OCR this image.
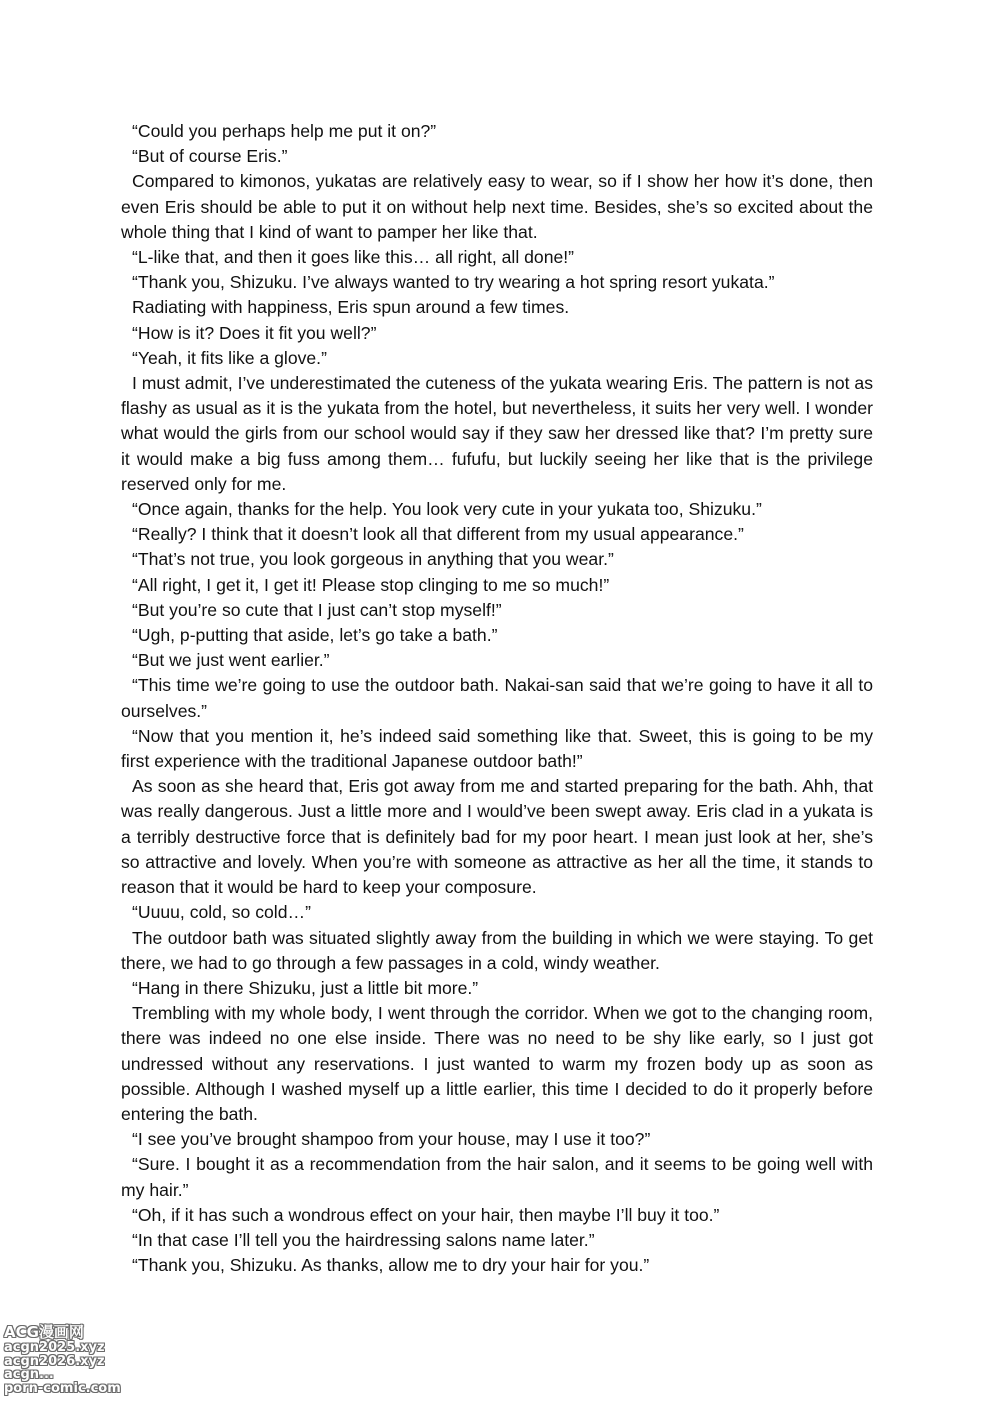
“Could you perhaps help me put it on?”

“But of course Eris.”

Compared to kimonos, yukatas are relatively easy to wear, so if I show her how it’s done, then even Eris should be able to put it on without help next time. Besides, she’s so excited about the whole thing that I kind of want to pamper her like that.

“L-like that, and then it goes like this… all right, all done!”

“Thank you, Shizuku. I’ve always wanted to try wearing a hot spring resort yukata.”

Radiating with happiness, Eris spun around a few times.

“How is it? Does it fit you well?”

“Yeah, it fits like a glove.”

I must admit, I’ve underestimated the cuteness of the yukata wearing Eris. The pattern is not as flashy as usual as it is the yukata from the hotel, but nevertheless, it suits her very well. I wonder what would the girls from our school would say if they saw her dressed like that? I’m pretty sure it would make a big fuss among them… fufufu, but luckily seeing her like that is the privilege reserved only for me.

“Once again, thanks for the help. You look very cute in your yukata too, Shizuku.”

“Really? I think that it doesn’t look all that different from my usual appearance.”

“That’s not true, you look gorgeous in anything that you wear.”

“All right, I get it, I get it! Please stop clinging to me so much!”

“But you’re so cute that I just can’t stop myself!”

“Ugh, p-putting that aside, let’s go take a bath.”

“But we just went earlier.”

“This time we’re going to use the outdoor bath. Nakai-san said that we’re going to have it all to ourselves.”

“Now that you mention it, he’s indeed said something like that. Sweet, this is going to be my first experience with the traditional Japanese outdoor bath!”

As soon as she heard that, Eris got away from me and started preparing for the bath. Ahh, that was really dangerous. Just a little more and I would’ve been swept away. Eris clad in a yukata is a terribly destructive force that is definitely bad for my poor heart. I mean just look at her, she’s so attractive and lovely. When you’re with someone as attractive as her all the time, it stands to reason that it would be hard to keep your composure.

“Uuuu, cold, so cold…”

The outdoor bath was situated slightly away from the building in which we were staying. To get there, we had to go through a few passages in a cold, windy weather.

“Hang in there Shizuku, just a little bit more.”

Trembling with my whole body, I went through the corridor. When we got to the changing room, there was indeed no one else inside. There was no need to be shy like early, so I just got undressed without any reservations. I just wanted to warm my frozen body up as soon as possible. Although I washed myself up a little earlier, this time I decided to do it properly before entering the bath.

“I see you’ve brought shampoo from your house, may I use it too?”

“Sure. I bought it as a recommendation from the hair salon, and it seems to be going well with my hair.”

“Oh, if it has such a wondrous effect on your hair, then maybe I’ll buy it too.”

“In that case I’ll tell you the hairdressing salons name later.”

“Thank you, Shizuku. As thanks, allow me to dry your hair for you.”

ACG漫画网
acgn2025.xyz
acgn2026.xyz
acgn...
porn-comic.com
